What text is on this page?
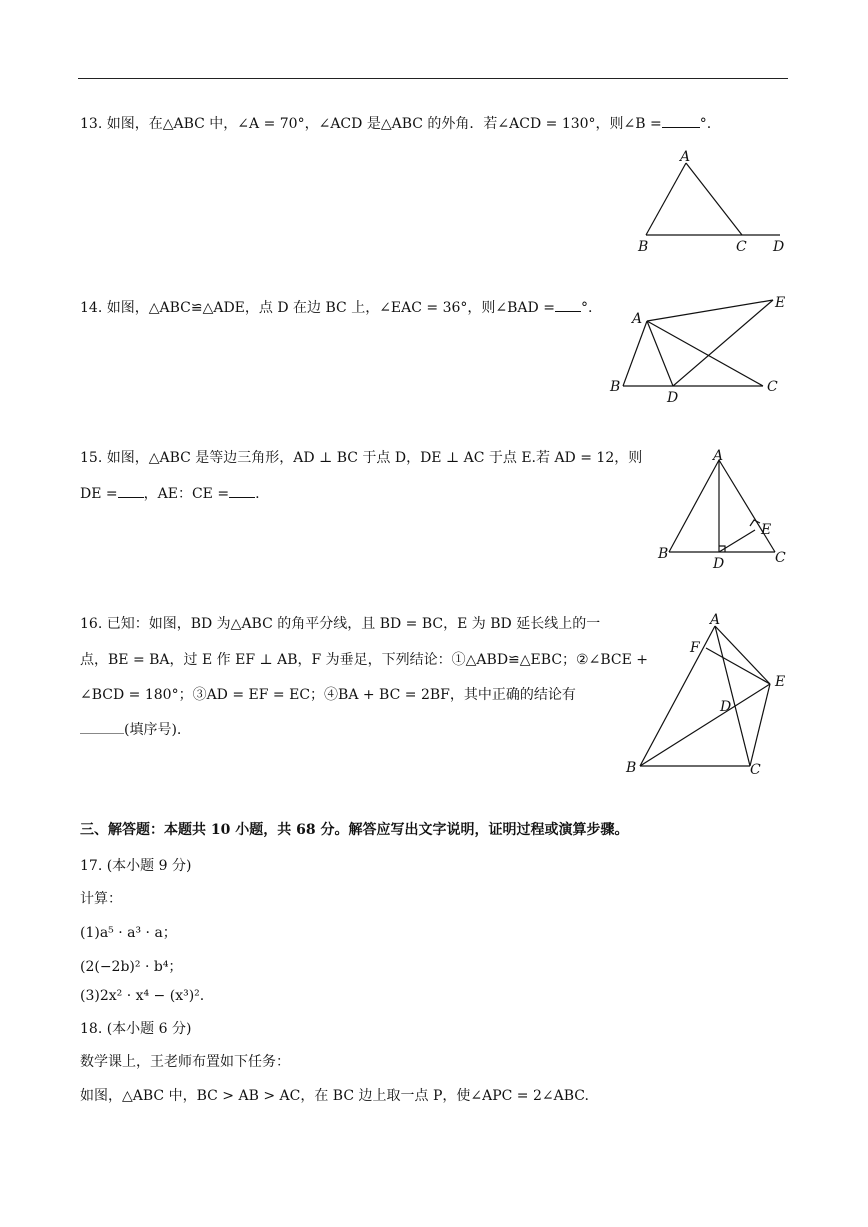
13. 如图，在△ABC 中，∠A = 70°，∠ACD 是△ABC 的外角．若∠ACD = 130°，则∠B =	°.
A
B	C D
14. 如图，△ABC≌△ADE，点 D 在边 BC 上，∠EAC = 36°，则∠BAD = °.
A
B	C
D
E
15. 如图，△ABC 是等边三角形，AD ⊥ BC 于点 D，DE ⊥ AC 于点 E.若 AD = 12，则
DE = ，AE：CE = .
A
B	C
D
E
16. 已知：如图，BD 为△ABC 的角平分线，且 BD = BC，E 为 BD 延长线上的一
点，BE = BA，过 E 作 EF ⊥ AB，F 为垂足，下列结论：①△ABD≌△EBC；②∠BCE +
∠BCD = 180°；③AD = EF = EC；④BA + BC = 2BF，其中正确的结论有
(填序号).
A
B	C
D
E
F
三、解答题：本题共 10 小题，共 68 分。解答应写出文字说明，证明过程或演算步骤。
17. (本小题 9 分)
计算：
(1)a⁵ · a³ · a；
(2(−2b)² · b⁴；
(3)2x² · x⁴ − (x³)².
18. (本小题 6 分)
数学课上，王老师布置如下任务：
如图，△ABC 中，BC > AB > AC，在 BC 边上取一点 P，使∠APC = 2∠ABC.
